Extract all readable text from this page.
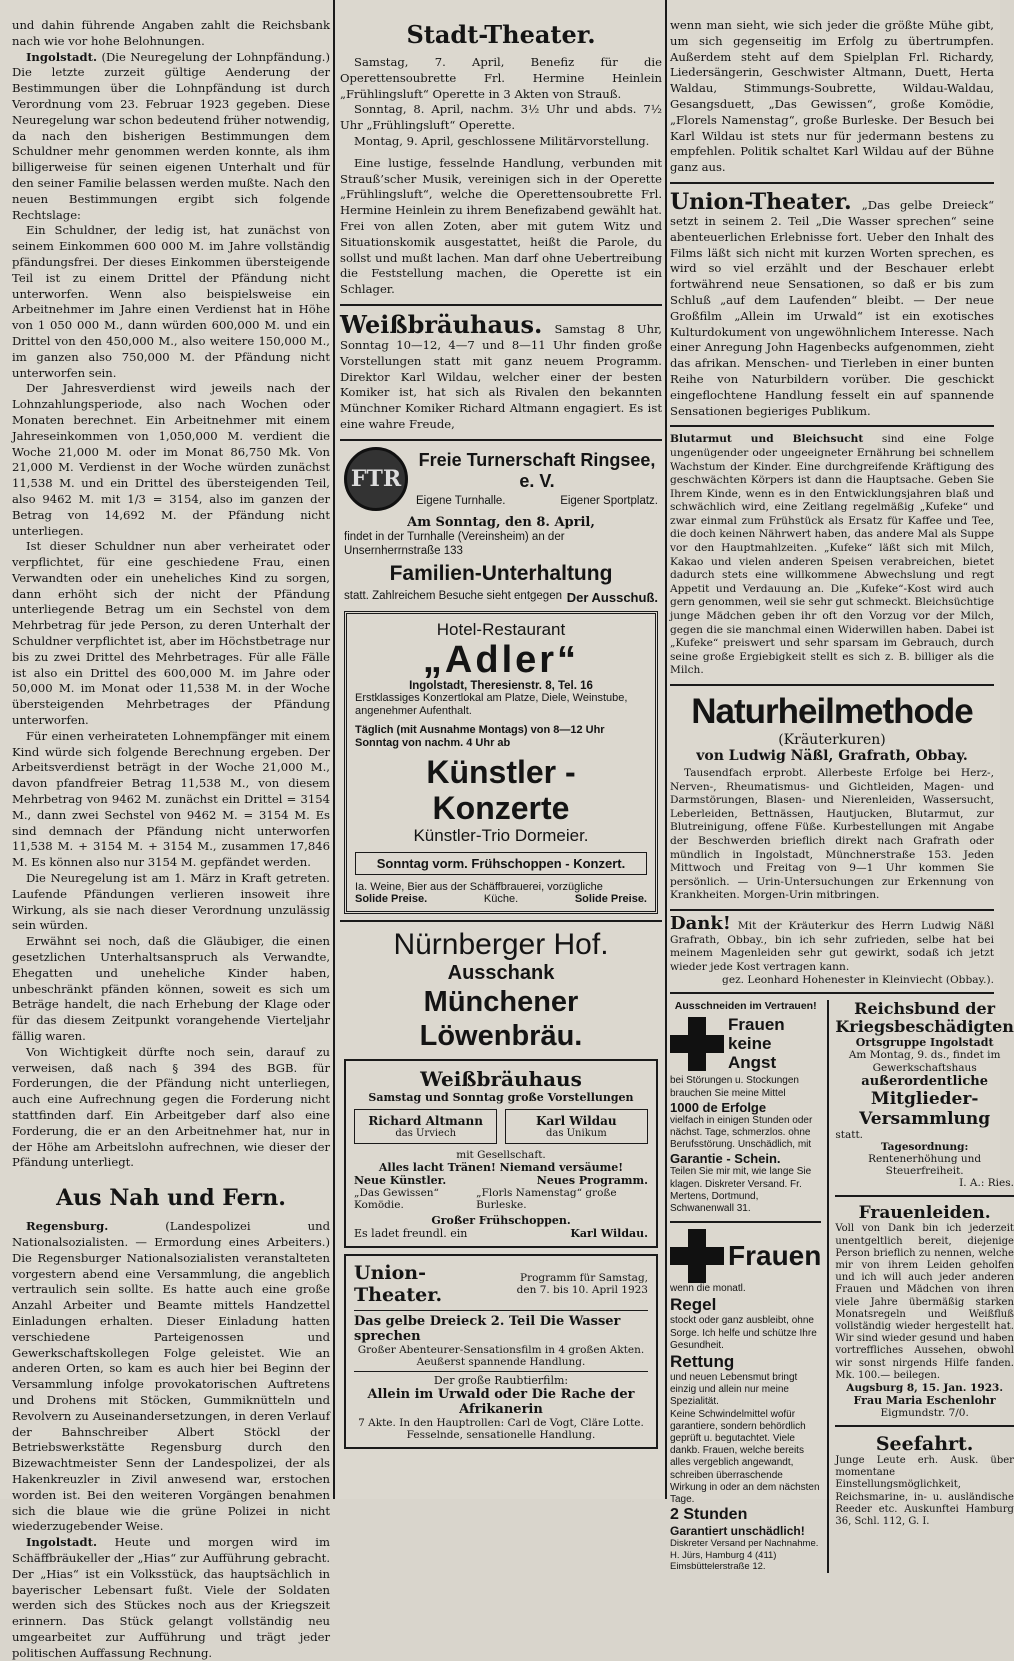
und dahin führende Angaben zahlt die Reichsbank nach wie vor hohe Belohnungen.

Ingolstadt. (Die Neuregelung der Lohnpfändung.) Die letzte zurzeit gültige Aenderung der Bestimmungen über die Lohnpfändung ist durch Verordnung vom 23. Februar 1923 gegeben. Diese Neuregelung war schon bedeutend früher notwendig, da nach den bisherigen Bestimmungen dem Schuldner mehr genommen werden konnte, als ihm billigerweise für seinen eigenen Unterhalt und für den seiner Familie belassen werden mußte. Nach den neuen Bestimmungen ergibt sich folgende Rechtslage:

Ein Schuldner, der ledig ist, hat zunächst von seinem Einkommen 600 000 M. im Jahre vollständig pfändungsfrei. Der dieses Einkommen übersteigende Teil ist zu einem Drittel der Pfändung nicht unterworfen. Wenn also beispielsweise ein Arbeitnehmer im Jahre einen Verdienst hat in Höhe von 1 050 000 M., dann würden 600,000 M. und ein Drittel von den 450,000 M., also weitere 150,000 M., im ganzen also 750,000 M. der Pfändung nicht unterworfen sein.

Der Jahresverdienst wird jeweils nach der Lohnzahlungsperiode, also nach Wochen oder Monaten berechnet. Ein Arbeitnehmer mit einem Jahreseinkommen von 1,050,000 M. verdient die Woche 21,000 M. oder im Monat 86,750 Mk. Von 21,000 M. Verdienst in der Woche würden zunächst 11,538 M. und ein Drittel des übersteigenden Teil, also 9462 M. mit 1/3 = 3154, also im ganzen der Betrag von 14,692 M. der Pfändung nicht unterliegen.

Ist dieser Schuldner nun aber verheiratet oder verpflichtet, für eine geschiedene Frau, einen Verwandten oder ein uneheliches Kind zu sorgen, dann erhöht sich der nicht der Pfändung unterliegende Betrag um ein Sechstel von dem Mehrbetrag für jede Person, zu deren Unterhalt der Schuldner verpflichtet ist, aber im Höchstbetrage nur bis zu zwei Drittel des Mehrbetrages. Für alle Fälle ist also ein Drittel des 600,000 M. im Jahre oder 50,000 M. im Monat oder 11,538 M. in der Woche übersteigenden Mehrbetrages der Pfändung unterworfen.

Für einen verheirateten Lohnempfänger mit einem Kind würde sich folgende Berechnung ergeben. Der Arbeitsverdienst beträgt in der Woche 21,000 M., davon pfandfreier Betrag 11,538 M., von diesem Mehrbetrag von 9462 M. zunächst ein Drittel = 3154 M., dann zwei Sechstel von 9462 M. = 3154 M. Es sind demnach der Pfändung nicht unterworfen 11,538 M. + 3154 M. + 3154 M., zusammen 17,846 M. Es können also nur 3154 M. gepfändet werden.

Die Neuregelung ist am 1. März in Kraft getreten. Laufende Pfändungen verlieren insoweit ihre Wirkung, als sie nach dieser Verordnung unzulässig sein würden.

Erwähnt sei noch, daß die Gläubiger, die einen gesetzlichen Unterhaltsanspruch als Verwandte, Ehegatten und uneheliche Kinder haben, unbeschränkt pfänden können, soweit es sich um Beträge handelt, die nach Erhebung der Klage oder für das diesem Zeitpunkt vorangehende Vierteljahr fällig waren.

Von Wichtigkeit dürfte noch sein, darauf zu verweisen, daß nach § 394 des BGB. für Forderungen, die der Pfändung nicht unterliegen, auch eine Aufrechnung gegen die Forderung nicht stattfinden darf. Ein Arbeitgeber darf also eine Forderung, die er an den Arbeitnehmer hat, nur in der Höhe am Arbeitslohn aufrechnen, wie dieser der Pfändung unterliegt.

Aus Nah und Fern.

Regensburg.	(Landespolizei und Nationalsozialisten. — Ermordung eines Arbeiters.) Die Regensburger Nationalsozialisten veranstalteten vorgestern abend eine Versammlung, die angeblich vertraulich sein sollte. Es hatte auch eine große Anzahl Arbeiter und Beamte mittels Handzettel Einladungen erhalten. Dieser Einladung hatten verschiedene Parteigenossen und Gewerkschaftskollegen Folge geleistet. Wie an anderen Orten, so kam es auch hier bei Beginn der Versammlung infolge provokatorischen Auftretens und Drohens mit Stöcken, Gummiknütteln und Revolvern zu Auseinandersetzungen, in deren Verlauf der Bahnschreiber Albert Stöckl der Betriebswerkstätte Regensburg durch den Bizewachtmeister Senn der Landespolizei, der als Hakenkreuzler in Zivil anwesend war, erstochen worden ist. Bei den weiteren Vorgängen benahmen sich die blaue wie die grüne Polizei in nicht wiederzugebender Weise.

Ingolstadt. Heute und morgen wird im Schäffbräukeller der „Hias“ zur Aufführung gebracht. Der „Hias“ ist ein Volksstück, das hauptsächlich in bayerischer Lebensart fußt. Viele der Soldaten werden sich des Stückes noch aus der Kriegszeit erinnern. Das Stück gelangt vollständig neu umgearbeitet zur Aufführung und trägt jeder politischen Auffassung Rechnung.

Stadt-Theater.

Samstag, 7. April, Benefiz für die Operettensoubrette Frl. Hermine Heinlein „Frühlingsluft“ Operette in 3 Akten von Strauß.

Sonntag, 8. April, nachm. 3½ Uhr und abds. 7½ Uhr „Frühlingsluft“ Operette.

Montag, 9. April, geschlossene Militärvorstellung.

Eine lustige, fesselnde Handlung, verbunden mit Strauß’scher Musik, vereinigen sich in der Operette „Frühlingsluft“, welche die Operettensoubrette Frl. Hermine Heinlein zu ihrem Benefizabend gewählt hat. Frei von allen Zoten, aber mit gutem Witz und Situationskomik ausgestattet, heißt die Parole, du sollst und mußt lachen. Man darf ohne Uebertreibung die Feststellung machen, die Operette ist ein Schlager.

Weißbräuhaus. Samstag 8 Uhr, Sonntag 10—12, 4—7 und 8—11 Uhr finden große Vorstellungen statt mit ganz neuem Programm. Direktor Karl Wildau, welcher einer der besten Komiker ist, hat sich als Rivalen den bekannten Münchner Komiker Richard Altmann engagiert. Es ist eine wahre Freude,

FTR
Freie Turnerschaft Ringsee, e. V.
Eigene Turnhalle.	Eigener Sportplatz.
Am Sonntag, den 8. April,
findet in der Turnhalle (Vereinsheim) an der Unsernherrnstraße 133
Familien-Unterhaltung
statt. Zahlreichem Besuche sieht entgegen Der Ausschuß.
Hotel-Restaurant
„Adler“
Ingolstadt, Theresienstr. 8, Tel. 16
Erstklassiges Konzertlokal am Platze, Diele, Weinstube, angenehmer Aufenthalt.
Täglich (mit Ausnahme Montags) von 8—12 Uhr Sonntag von nachm. 4 Uhr ab
Künstler - Konzerte
Künstler-Trio Dormeier.
Sonntag vorm. Frühschoppen - Konzert.
Ia. Weine, Bier aus der Schäffbrauerei, vorzügliche
Solide Preise.	Küche.	Solide Preise.
Nürnberger Hof.
Ausschank
Münchener Löwenbräu.
Weißbräuhaus
Samstag und Sonntag große Vorstellungen
Richard Altmann
das Urviech
Karl Wildau
das Unikum
mit Gesellschaft.
Alles lacht Tränen! Niemand versäume!
Neue Künstler.	Neues Programm.
„Das Gewissen“ Komödie.
„Florls Namenstag“ große Burleske.
Großer Frühschoppen.
Es ladet freundl. ein	Karl Wildau.
Union-Theater.
Programm für Samstag, den 7. bis 10. April 1923
Das gelbe Dreieck 2. Teil Die Wasser sprechen
Großer Abenteurer-Sensationsfilm in 4 großen Akten. Aeußerst spannende Handlung.
Der große Raubtierfilm:
Allein im Urwald oder Die Rache der Afrikanerin
7 Akte. In den Hauptrollen: Carl de Vogt, Cläre Lotte. Fesselnde, sensationelle Handlung.

wenn man sieht, wie sich jeder die größte Mühe gibt, um sich gegenseitig im Erfolg zu übertrumpfen. Außerdem steht auf dem Spielplan Frl. Richardy, Liedersängerin, Geschwister Altmann, Duett, Herta Waldau, Stimmungs-Soubrette, Wildau-Waldau, Gesangsduett, „Das Gewissen“, große Komödie, „Florels Namenstag“, große Burleske. Der Besuch bei Karl Wildau ist stets nur für jedermann bestens zu empfehlen. Politik schaltet Karl Wildau auf der Bühne ganz aus.

Union-Theater. „Das gelbe Dreieck“ setzt in seinem 2. Teil „Die Wasser sprechen“ seine abenteuerlichen Erlebnisse fort. Ueber den Inhalt des Films läßt sich nicht mit kurzen Worten sprechen, es wird so viel erzählt und der Beschauer erlebt fortwährend neue Sensationen, so daß er bis zum Schluß „auf dem Laufenden“ bleibt. — Der neue Großfilm „Allein im Urwald“ ist ein exotisches Kulturdokument von ungewöhnlichem Interesse. Nach einer Anregung John Hagenbecks aufgenommen, zieht das afrikan. Menschen- und Tierleben in einer bunten Reihe von Naturbildern vorüber. Die geschickt eingeflochtene Handlung fesselt ein auf spannende Sensationen begieriges Publikum.

Blutarmut und Bleichsucht sind eine Folge ungenügender oder ungeeigneter Ernährung bei schnellem Wachstum der Kinder. Eine durchgreifende Kräftigung des geschwächten Körpers ist dann die Hauptsache. Geben Sie Ihrem Kinde, wenn es in den Entwicklungsjahren blaß und schwächlich wird, eine Zeitlang regelmäßig „Kufeke“ und zwar einmal zum Frühstück als Ersatz für Kaffee und Tee, die doch keinen Nährwert haben, das andere Mal als Suppe vor den Hauptmahlzeiten. „Kufeke“ läßt sich mit Milch, Kakao und vielen anderen Speisen verabreichen, bietet dadurch stets eine willkommene Abwechslung und regt Appetit und Verdauung an. Die „Kufeke“-Kost wird auch gern genommen, weil sie sehr gut schmeckt. Bleichsüchtige junge Mädchen geben ihr oft den Vorzug vor der Milch, gegen die sie manchmal einen Widerwillen haben. Dabei ist „Kufeke“ preiswert und sehr sparsam im Gebrauch, durch seine große Ergiebigkeit stellt es sich z. B. billiger als die Milch.

Naturheilmethode
(Kräuterkuren)
von Ludwig Näßl, Grafrath, Obbay.

Tausendfach erprobt. Allerbeste Erfolge bei Herz-, Nerven-, Rheumatismus- und Gichtleiden, Magen- und Darmstörungen, Blasen- und Nierenleiden, Wassersucht, Leberleiden, Bettnässen, Hautjucken, Blutarmut, zur Blutreinigung, offene Füße. Kurbestellungen mit Angabe der Beschwerden brieflich direkt nach Grafrath oder mündlich in Ingolstadt, Münchnerstraße 153. Jeden Mittwoch und Freitag von 9—1 Uhr kommen Sie persönlich. — Urin-Untersuchungen zur Erkennung von Krankheiten. Morgen-Urin mitbringen.

Dank! Mit der Kräuterkur des Herrn Ludwig Näßl Grafrath, Obbay., bin ich sehr zufrieden, selbe hat bei meinem Magenleiden sehr gut gewirkt, sodaß ich jetzt wieder jede Kost vertragen kann.

gez. Leonhard Hohenester in Kleinviecht (Obbay.).
Ausschneiden im Vertrauen!
Frauen keine Angst
bei Störungen u. Stockungen brauchen Sie meine Mittel
1000 de Erfolge
vielfach in einigen Stunden oder nächst. Tage, schmerzlos. ohne Berufsstörung. Unschädlich, mit
Garantie - Schein.
Teilen Sie mir mit, wie lange Sie klagen. Diskreter Versand. Fr. Mertens, Dortmund, Schwanenwall 31.
Frauen
wenn die monatl.
Regel
stockt oder ganz ausbleibt, ohne Sorge. Ich helfe und schütze Ihre Gesundheit.
Rettung
und neuen Lebensmut bringt einzig und allein nur meine Spezialität.
Keine Schwindelmittel wofür garantiere, sondern behördlich geprüft u. begutachtet. Viele dankb. Frauen, welche bereits alles vergeblich angewandt, schreiben überraschende Wirkung in oder an dem nächsten Tage.
2 Stunden
Garantiert unschädlich!
Diskreter Versand per Nachnahme. H. Jürs, Hamburg 4 (411) Eimsbüttelerstraße 12.
Reichsbund der Kriegsbeschädigten
Ortsgruppe Ingolstadt
Am Montag, 9. ds., findet im Gewerkschaftshaus
außerordentliche
Mitglieder-Versammlung
statt.
Tagesordnung:
Rentenerhöhung und Steuerfreiheit.
I. A.: Ries.
Frauenleiden.
Voll von Dank bin ich jederzeit unentgeltlich bereit, diejenige Person brieflich zu nennen, welche mir von ihrem Leiden geholfen und ich will auch jeder anderen Frauen und Mädchen von ihren viele Jahre übermäßig starken Monatsregeln und Weißfluß vollständig wieder hergestellt hat. Wir sind wieder gesund und haben vortreffliches Aussehen, obwohl wir sonst nirgends Hilfe fanden. Mk. 100.— beilegen.
Augsburg 8, 15. Jan. 1923.
Frau Maria Eschenlohr
Eigmundstr. 7/0.
Seefahrt.
Junge Leute erh. Ausk. über momentane Einstellungsmöglichkeit, Reichsmarine, in- u. ausländische Reeder etc. Auskunftei Hamburg 36, Schl. 112, G. I.
